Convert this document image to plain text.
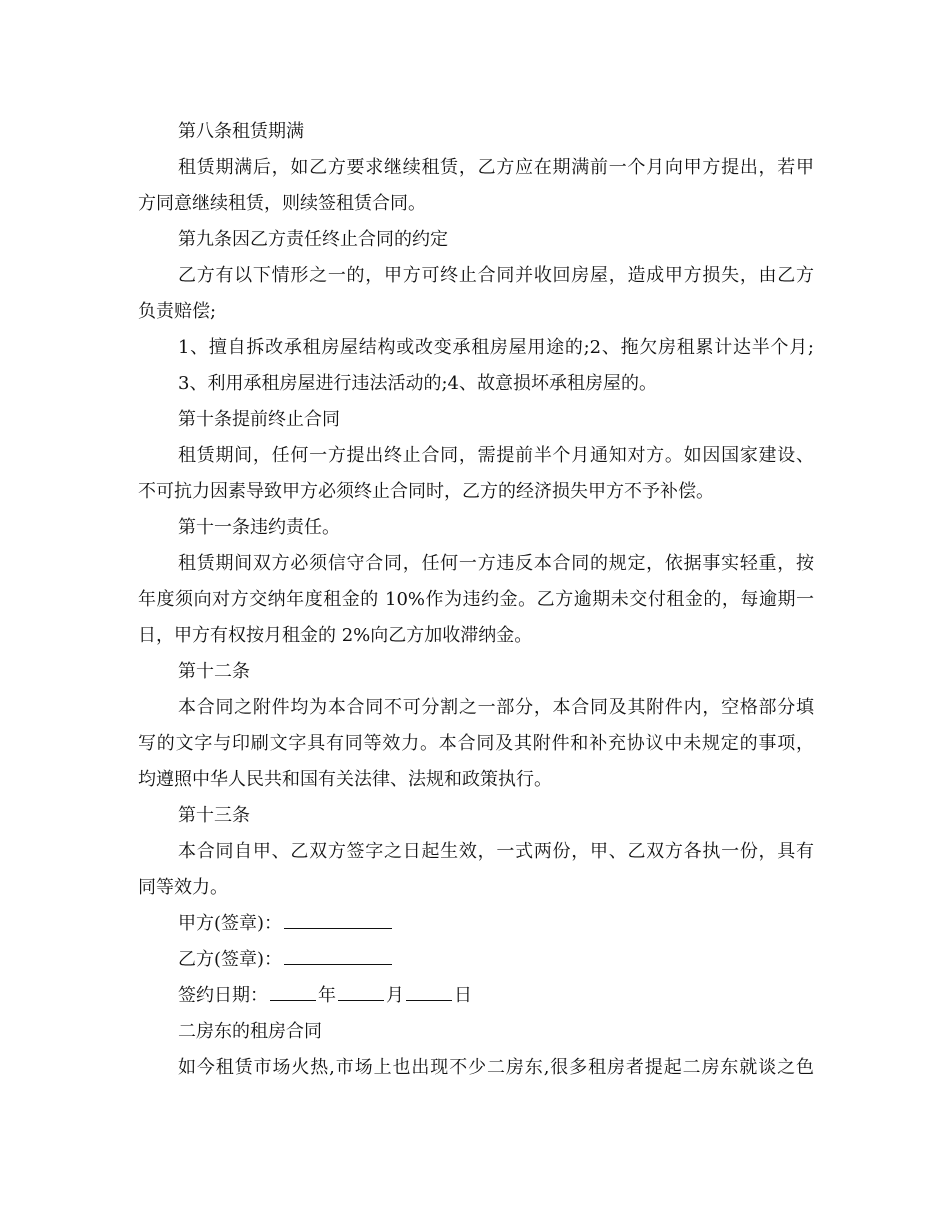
第八条租赁期满
租赁期满后，如乙方要求继续租赁，乙方应在期满前一个月向甲方提出，若甲
方同意继续租赁，则续签租赁合同。
第九条因乙方责任终止合同的约定
乙方有以下情形之一的，甲方可终止合同并收回房屋，造成甲方损失，由乙方
负责赔偿;
1、擅自拆改承租房屋结构或改变承租房屋用途的;2、拖欠房租累计达半个月;
3、利用承租房屋进行违法活动的;4、故意损坏承租房屋的。
第十条提前终止合同
租赁期间，任何一方提出终止合同，需提前半个月通知对方。如因国家建设、
不可抗力因素导致甲方必须终止合同时，乙方的经济损失甲方不予补偿。
第十一条违约责任。
租赁期间双方必须信守合同，任何一方违反本合同的规定，依据事实轻重，按
年度须向对方交纳年度租金的 10%作为违约金。乙方逾期未交付租金的，每逾期一
日，甲方有权按月租金的 2%向乙方加收滞纳金。
第十二条
本合同之附件均为本合同不可分割之一部分，本合同及其附件内，空格部分填
写的文字与印刷文字具有同等效力。本合同及其附件和补充协议中未规定的事项，
均遵照中华人民共和国有关法律、法规和政策执行。
第十三条
本合同自甲、乙双方签字之日起生效，一式两份，甲、乙双方各执一份，具有
同等效力。
甲方(签章)：
乙方(签章)：
签约日期：	年	月	日
二房东的租房合同
如今租赁市场火热,市场上也出现不少二房东,很多租房者提起二房东就谈之色
